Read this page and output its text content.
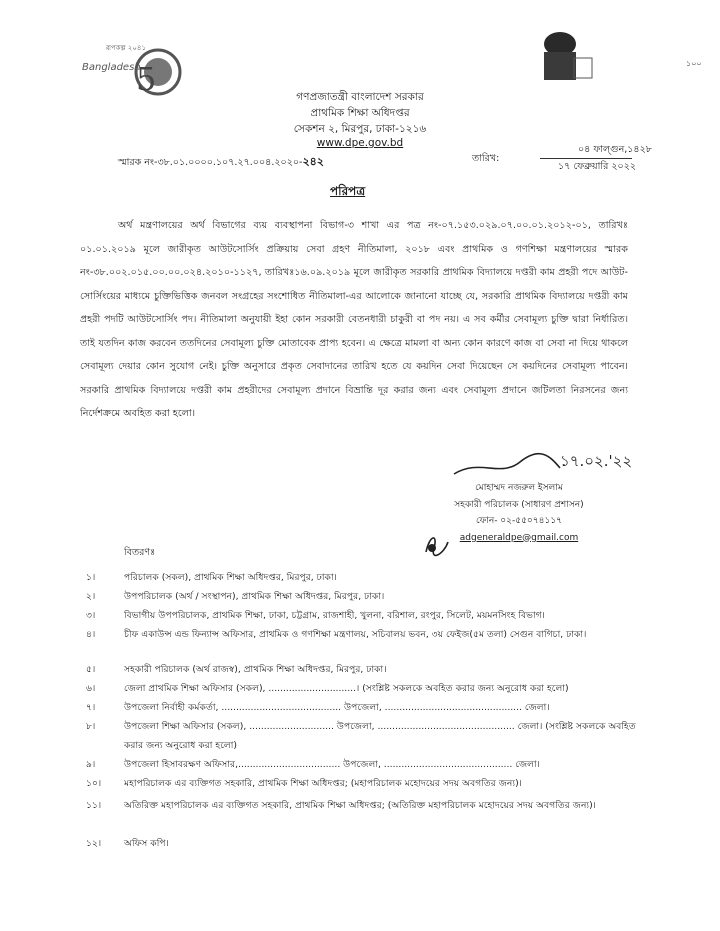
5
রূপকল্প ২০৪১
Bangladesh	১০০
গণপ্রজাতন্ত্রী বাংলাদেশ সরকার
প্রাথমিক শিক্ষা অধিদপ্তর
সেকশন ২, মিরপুর, ঢাকা-১২১৬
www.dpe.gov.bd
স্মারক নং-৩৮.০১.০০০০.১০৭.২৭.০০৪.২০২০-২৪২	তারিখ:
০৪ ফাল্গুন,১৪২৮
১৭ ফেব্রুয়ারি ২০২২
পরিপত্র
অর্থ মন্ত্রণালয়ের অর্থ বিভাগের ব্যয় ব্যবস্থাপনা বিভাগ-৩ শাখা এর পত্র নং-০৭.১৫৩.০২৯.০৭.০০.০১.২০১২-০১, তারিখঃ ০১.০১.২০১৯ মূলে জারীকৃত আউটসোর্সিং প্রক্রিয়ায় সেবা গ্রহণ নীতিমালা, ২০১৮ এবং প্রাথমিক ও গণশিক্ষা মন্ত্রণালয়ের স্মারক নং-৩৮.০০২.০১৫.০০.০০.০২৪.২০১০-১১২৭, তারিখঃ১৬.০৯.২০১৯ মূলে জারীকৃত সরকারি প্রাথমিক বিদ্যালয়ে দপ্তরী কাম প্রহরী পদে আউট-সোর্সিংয়ের মাধ্যমে চুক্তিভিত্তিক জনবল সংগ্রহের সংশোধিত নীতিমালা-এর আলোকে জানানো যাচ্ছে যে, সরকারি প্রাথমিক বিদ্যালয়ে দপ্তরী কাম প্রহরী পদটি আউটসোর্সিং পদ। নীতিমালা অনুযায়ী ইহা কোন সরকারী বেতনধারী চাকুরী বা পদ নয়। এ সব কর্মীর সেবামূল্য চুক্তি দ্বারা নির্ধারিত। তাই যতদিন কাজ করবেন ততদিনের সেবামূল্য চুক্তি মোতাবেক প্রাপ্য হবেন। এ ক্ষেত্রে মামলা বা অন্য কোন কারণে কাজ বা সেবা না দিয়ে থাকলে সেবামূল্য দেয়ার কোন সুযোগ নেই। চুক্তি অনুসারে প্রকৃত সেবাদানের তারিখ হতে যে কয়দিন সেবা দিয়েছেন সে কয়দিনের সেবামূল্য পাবেন। সরকারি প্রাথমিক বিদ্যালয়ে দপ্তরী কাম প্রহরীদের সেবামূল্য প্রদানে বিভ্রান্তি দূর করার জন্য এবং সেবামূল্য প্রদানে জটিলতা নিরসনের জন্য নির্দেশক্রমে অবহিত করা হলো।
১৭.০২.'২২
মোহাম্মদ নজরুল ইসলাম
সহকারী পরিচালক (সাধারণ প্রশাসন)
ফোন- ০২-৫৫০৭৪১১৭
adgeneraldpe@gmail.com
বিতরণঃ
১।	পরিচালক (সকল), প্রাথমিক শিক্ষা অধিদপ্তর, মিরপুর, ঢাকা।
২।	উপপরিচালক (অর্থ / সংস্থাপন), প্রাথমিক শিক্ষা অধিদপ্তর, মিরপুর, ঢাকা।
৩।	বিভাগীয় উপপরিচালক, প্রাথমিক শিক্ষা, ঢাকা, চট্টগ্রাম, রাজশাহী, খুলনা, বরিশাল, রংপুর, সিলেট, ময়মনসিংহ বিভাগ।
৪।	চীফ একাউন্স এন্ড ফিন্যান্স অফিসার, প্রাথমিক ও গণশিক্ষা মন্ত্রণালয়, সচিবালয় ভবন, ৩য় ফেইজ(৫ম তলা) সেগুন বাগিচা, ঢাকা।
৫।	সহকারী পরিচালক (অর্থ রাজস্ব), প্রাথমিক শিক্ষা অধিদপ্তর, মিরপুর, ঢাকা।
৬।	জেলা প্রাথমিক শিক্ষা অফিসার (সকল), ..............................। (সংশ্লিষ্ট সকলকে অবহিত করার জন্য অনুরোধ করা হলো)
৭।	উপজেলা নির্বাহী কর্মকর্তা, ......................................... উপজেলা, ............................................... জেলা।
৮।	উপজেলা শিক্ষা অফিসার (সকল), ............................. উপজেলা, ............................................... জেলা। (সংশ্লিষ্ট সকলকে অবহিত করার জন্য অনুরোধ করা হলো)
৯।	উপজেলা হিসাবরক্ষণ অফিসার,................................... উপজেলা, ............................................ জেলা।
১০।	মহাপরিচালক এর ব্যক্তিগত সহকারি, প্রাথমিক শিক্ষা অধিদপ্তর; (মহাপরিচালক মহোদয়ের সদয় অবগতির জন্য)।
১১।	অতিরিক্ত মহাপরিচালক এর ব্যক্তিগত সহকারি, প্রাথমিক শিক্ষা অধিদপ্তর; (অতিরিক্ত মহাপরিচালক মহোদয়ের সদয় অবগতির জন্য)।
১২।	অফিস কপি।
